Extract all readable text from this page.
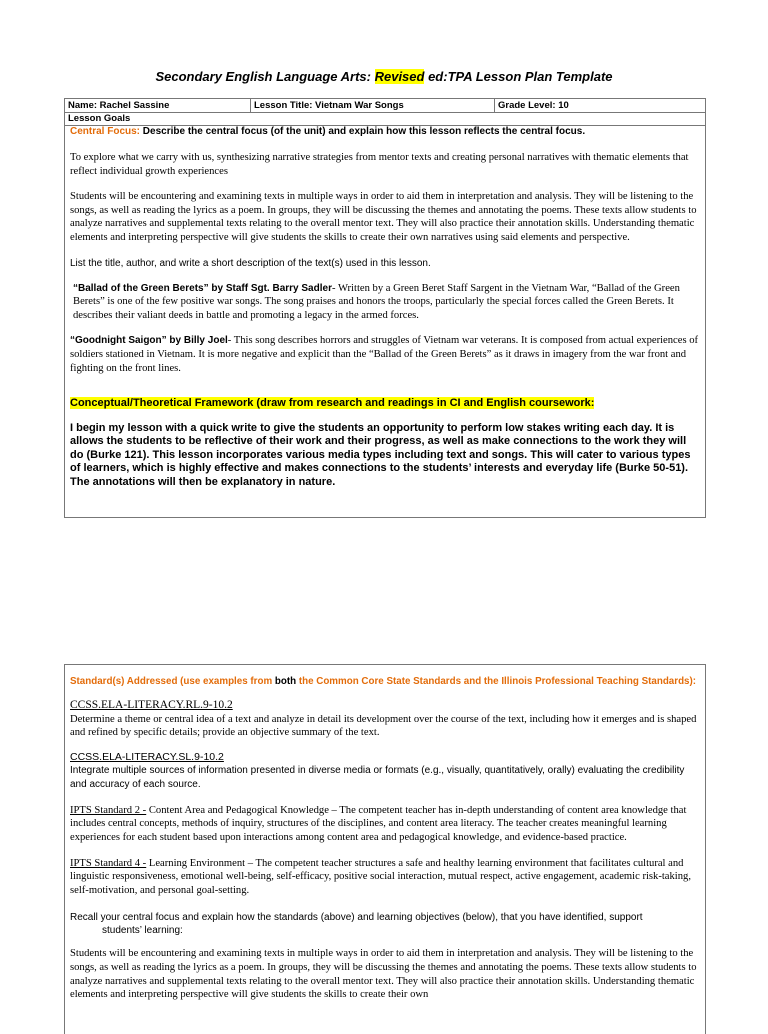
Secondary English Language Arts: Revised ed:TPA Lesson Plan Template
Name: Rachel Sassine	Lesson Title: Vietnam War Songs	Grade Level: 10
Lesson Goals

Central Focus: Describe the central focus (of the unit) and explain how this lesson reflects the central focus.

To explore what we carry with us, synthesizing narrative strategies from mentor texts and creating personal narratives with thematic elements that reflect individual growth experiences

Students will be encountering and examining texts in multiple ways in order to aid them in interpretation and analysis. They will be listening to the songs, as well as reading the lyrics as a poem. In groups, they will be discussing the themes and annotating the poems. These texts allow students to analyze narratives and supplemental texts relating to the overall mentor text. They will also practice their annotation skills. Understanding thematic elements and interpreting perspective will give students the skills to create their own narratives using said elements and perspective.

List the title, author, and write a short description of the text(s) used in this lesson.

“Ballad of the Green Berets” by Staff Sgt. Barry Sadler- Written by a Green Beret Staff Sargent in the Vietnam War, “Ballad of the Green Berets” is one of the few positive war songs. The song praises and honors the troops, particularly the special forces called the Green Berets. It describes their valiant deeds in battle and promoting a legacy in the armed forces.

“Goodnight Saigon” by Billy Joel- This song describes horrors and struggles of Vietnam war veterans. It is composed from actual experiences of soldiers stationed in Vietnam. It is more negative and explicit than the “Ballad of the Green Berets” as it draws in imagery from the war front and fighting on the front lines.

Conceptual/Theoretical Framework (draw from research and readings in CI and English coursework:

I begin my lesson with a quick write to give the students an opportunity to perform low stakes writing each day. It is allows the students to be reflective of their work and their progress, as well as make connections to the work they will do (Burke 121). This lesson incorporates various media types including text and songs. This will cater to various types of learners, which is highly effective and makes connections to the students’ interests and everyday life (Burke 50-51). The annotations will then be explanatory in nature.

Standard(s) Addressed (use examples from both the Common Core State Standards and the Illinois Professional Teaching Standards):

CCSS.ELA-LITERACY.RL.9-10.2

Determine a theme or central idea of a text and analyze in detail its development over the course of the text, including how it emerges and is shaped and refined by specific details; provide an objective summary of the text.

CCSS.ELA-LITERACY.SL.9-10.2

Integrate multiple sources of information presented in diverse media or formats (e.g., visually, quantitatively, orally) evaluating the credibility and accuracy of each source.

IPTS Standard 2 - Content Area and Pedagogical Knowledge – The competent teacher has in-depth understanding of content area knowledge that includes central concepts, methods of inquiry, structures of the disciplines, and content area literacy. The teacher creates meaningful learning experiences for each student based upon interactions among content area and pedagogical knowledge, and evidence-based practice.

IPTS Standard 4 - Learning Environment – The competent teacher structures a safe and healthy learning environment that facilitates cultural and linguistic responsiveness, emotional well-being, self-efficacy, positive social interaction, mutual respect, active engagement, academic risk-taking, self-motivation, and personal goal-setting.

Recall your central focus and explain how the standards (above) and learning objectives (below), that you have identified, support

students’ learning:

Students will be encountering and examining texts in multiple ways in order to aid them in interpretation and analysis. They will be listening to the songs, as well as reading the lyrics as a poem. In groups, they will be discussing the themes and annotating the poems. These texts allow students to analyze narratives and supplemental texts relating to the overall mentor text. They will also practice their annotation skills. Understanding thematic elements and interpreting perspective will give students the skills to create their own
